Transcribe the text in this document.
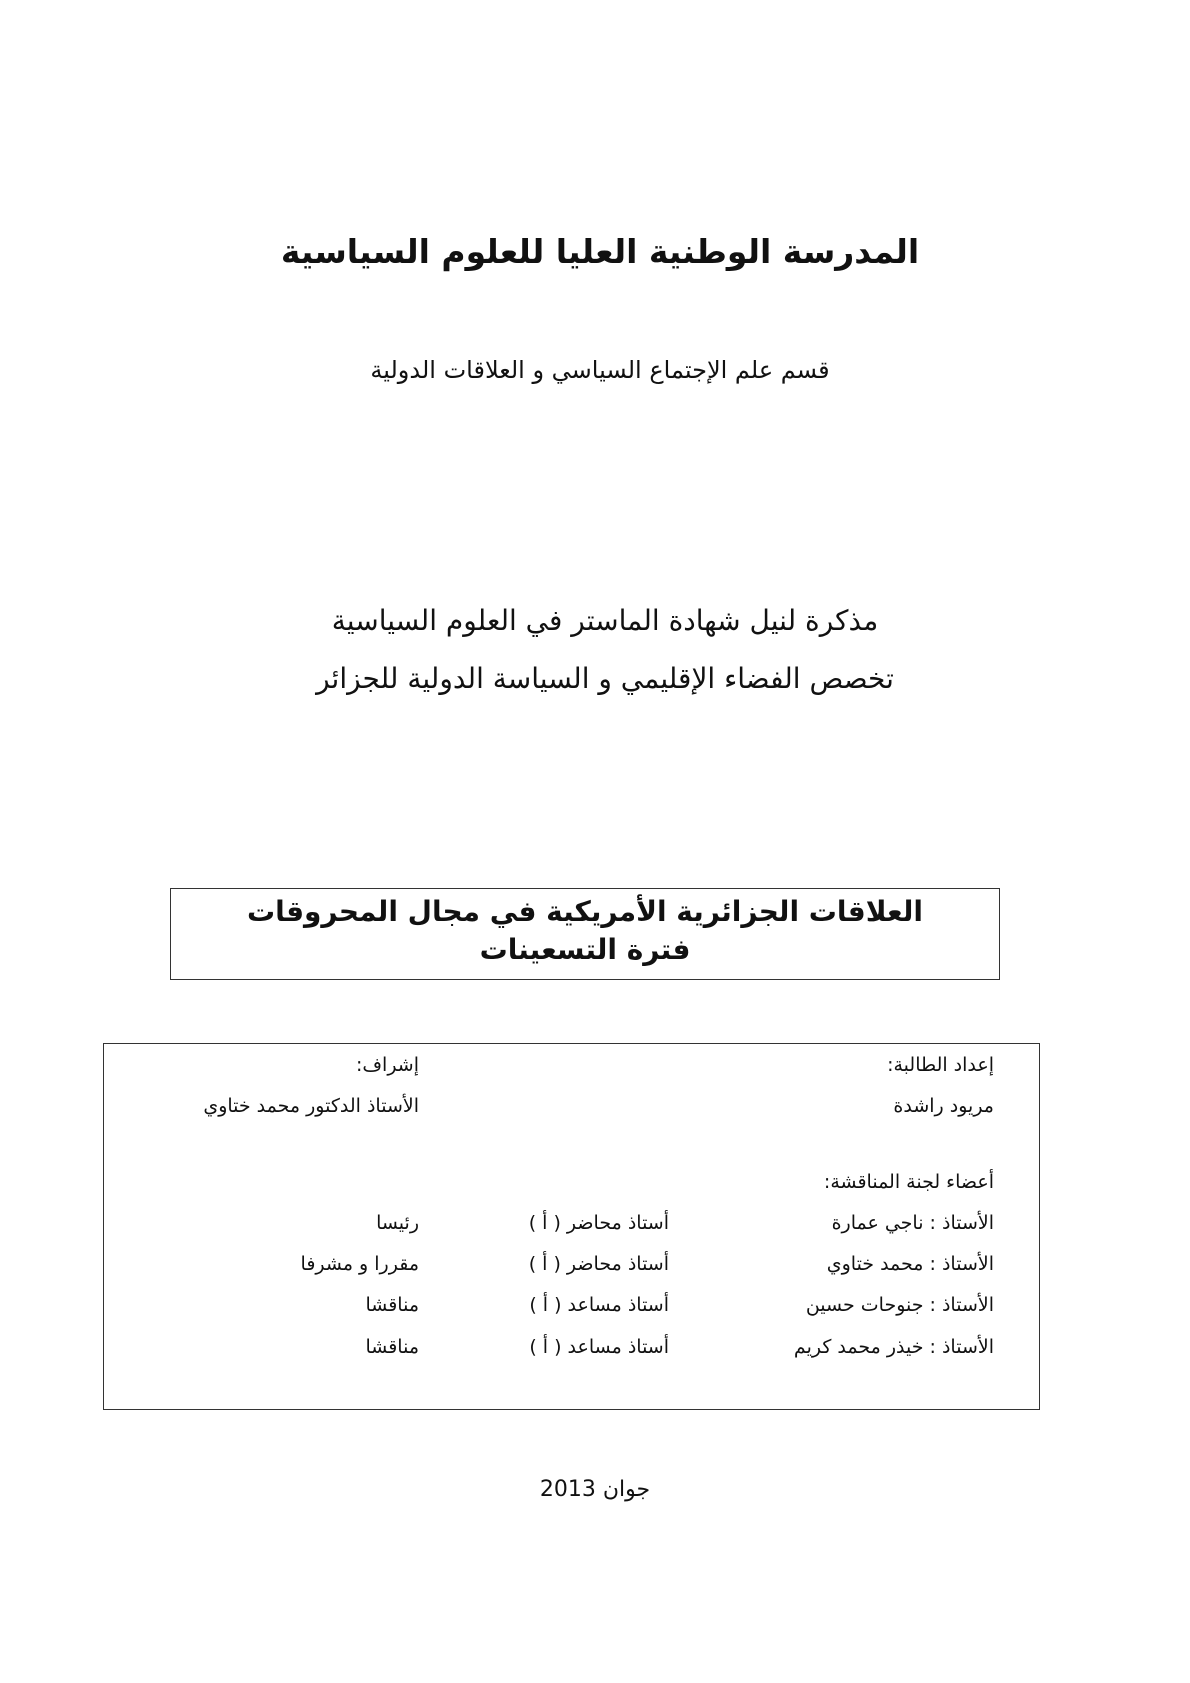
المدرسة الوطنية العليا للعلوم السياسية
قسم علم الإجتماع السياسي و العلاقات الدولية
مذكرة لنيل شهادة الماستر في العلوم السياسية
تخصص الفضاء الإقليمي و السياسة الدولية للجزائر
العلاقات الجزائرية الأمريكية في مجال المحروقات
فترة التسعينات
إعداد الطالبة:
إشراف:
مريود راشدة
الأستاذ الدكتور محمد ختاوي
أعضاء لجنة المناقشة:
الأستاذ : ناجي عمارة
أستاذ محاضر ( أ )
رئيسا
الأستاذ : محمد ختاوي
أستاذ محاضر ( أ )
مقررا و مشرفا
الأستاذ : جنوحات حسين
أستاذ مساعد ( أ )
مناقشا
الأستاذ : خيذر محمد كريم
أستاذ مساعد ( أ )
مناقشا
جوان 2013
